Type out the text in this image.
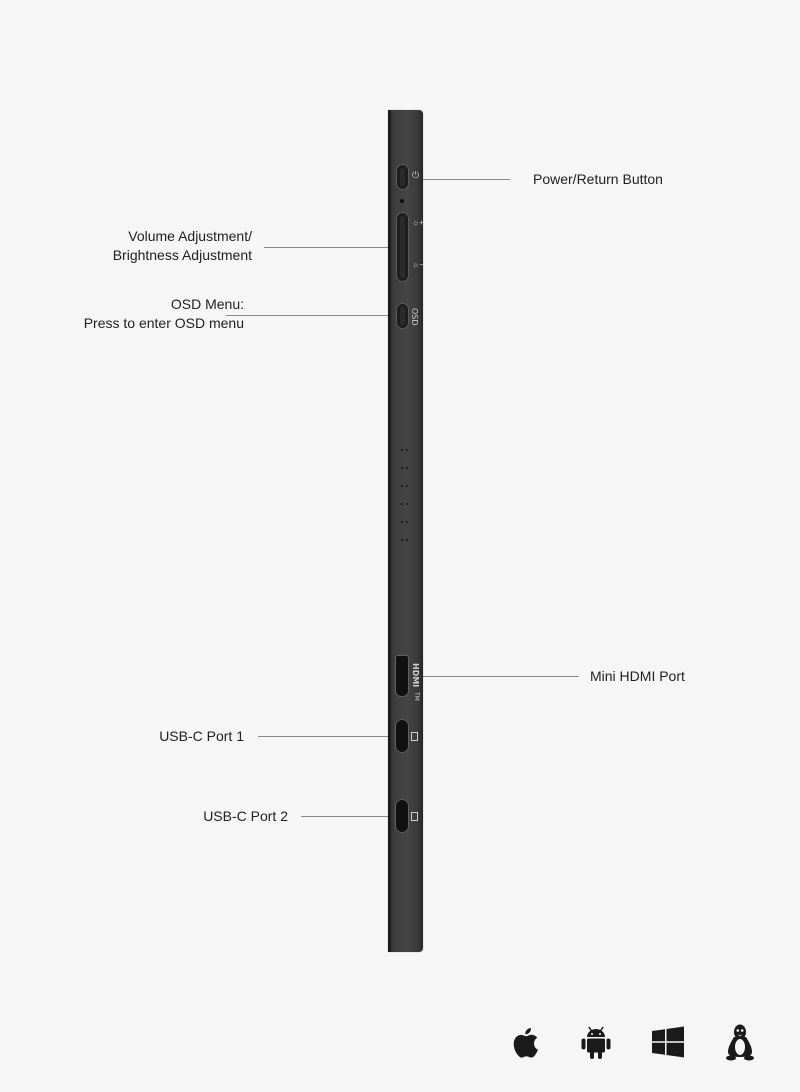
Volume Adjustment/
Brightness Adjustment
OSD Menu:
Press to enter OSD menu
USB-C Port 1
USB-C Port 2
Power/Return Button
Mini HDMI Port
⏻
☼+
☼−
OSD
HDMI
TM
